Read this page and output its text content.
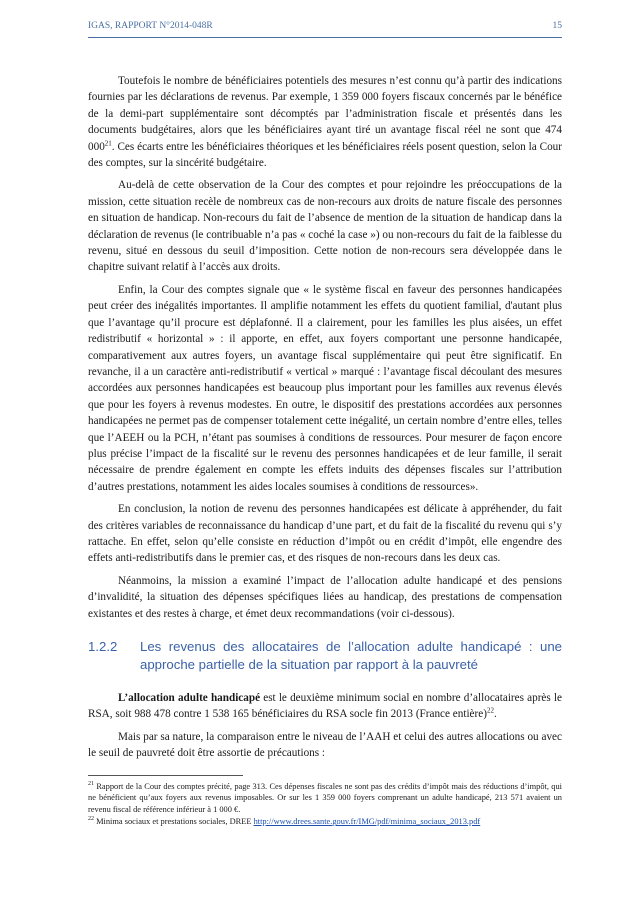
IGAS, RAPPORT N°2014-048R	15

Toutefois le nombre de bénéficiaires potentiels des mesures n’est connu qu’à partir des indications fournies par les déclarations de revenus. Par exemple, 1 359 000 foyers fiscaux concernés par le bénéfice de la demi-part supplémentaire sont décomptés par l’administration fiscale et présentés dans les documents budgétaires, alors que les bénéficiaires ayant tiré un avantage fiscal réel ne sont que 474 $000^{21}$. Ces écarts entre les bénéficiaires théoriques et les bénéficiaires réels posent question, selon la Cour des comptes, sur la sincérité budgétaire.

Au-delà de cette observation de la Cour des comptes et pour rejoindre les préoccupations de la mission, cette situation recèle de nombreux cas de non-recours aux droits de nature fiscale des personnes en situation de handicap. Non-recours du fait de l’absence de mention de la situation de handicap dans la déclaration de revenus (le contribuable n’a pas « coché la case ») ou non-recours du fait de la faiblesse du revenu, situé en dessous du seuil d’imposition. Cette notion de non-recours sera développée dans le chapitre suivant relatif à l’accès aux droits.

Enfin, la Cour des comptes signale que « le système fiscal en faveur des personnes handicapées peut créer des inégalités importantes. Il amplifie notamment les effets du quotient familial, d'autant plus que l’avantage qu’il procure est déplafonné. Il a clairement, pour les familles les plus aisées, un effet redistributif « horizontal » : il apporte, en effet, aux foyers comportant une personne handicapée, comparativement aux autres foyers, un avantage fiscal supplémentaire qui peut être significatif. En revanche, il a un caractère anti-redistributif « vertical » marqué : l’avantage fiscal découlant des mesures accordées aux personnes handicapées est beaucoup plus important pour les familles aux revenus élevés que pour les foyers à revenus modestes. En outre, le dispositif des prestations accordées aux personnes handicapées ne permet pas de compenser totalement cette inégalité, un certain nombre d’entre elles, telles que l’AEEH ou la PCH, n’étant pas soumises à conditions de ressources. Pour mesurer de façon encore plus précise l’impact de la fiscalité sur le revenu des personnes handicapées et de leur famille, il serait nécessaire de prendre également en compte les effets induits des dépenses fiscales sur l’attribution d’autres prestations, notamment les aides locales soumises à conditions de ressources».

En conclusion, la notion de revenu des personnes handicapées est délicate à appréhender, du fait des critères variables de reconnaissance du handicap d’une part, et du fait de la fiscalité du revenu qui s’y rattache. En effet, selon qu’elle consiste en réduction d’impôt ou en crédit d’impôt, elle engendre des effets anti-redistributifs dans le premier cas, et des risques de non-recours dans les deux cas.

Néanmoins, la mission a examiné l’impact de l’allocation adulte handicapé et des pensions d’invalidité, la situation des dépenses spécifiques liées au handicap, des prestations de compensation existantes et des restes à charge, et émet deux recommandations (voir ci-dessous).

1.2.2	Les revenus des allocataires de l’allocation adulte handicapé : une approche partielle de la situation par rapport à la pauvreté

L’allocation adulte handicapé est le deuxième minimum social en nombre d’allocataires après le RSA, soit 988 478 contre 1 538 165 bénéficiaires du RSA socle fin 2013 (France entière)$^{22}$.

Mais par sa nature, la comparaison entre le niveau de l’AAH et celui des autres allocations ou avec le seuil de pauvreté doit être assortie de précautions :

$^{21}$ Rapport de la Cour des comptes précité, page 313. Ces dépenses fiscales ne sont pas des crédits d’impôt mais des réductions d’impôt, qui ne bénéficient qu’aux foyers aux revenus imposables. Or sur les 1 359 000 foyers comprenant un adulte handicapé, 213 571 avaient un revenu fiscal de référence inférieur à 1 000 €.

$^{22}$ Minima sociaux et prestations sociales, DREE http://www.drees.sante.gouv.fr/IMG/pdf/minima_sociaux_2013.pdf
